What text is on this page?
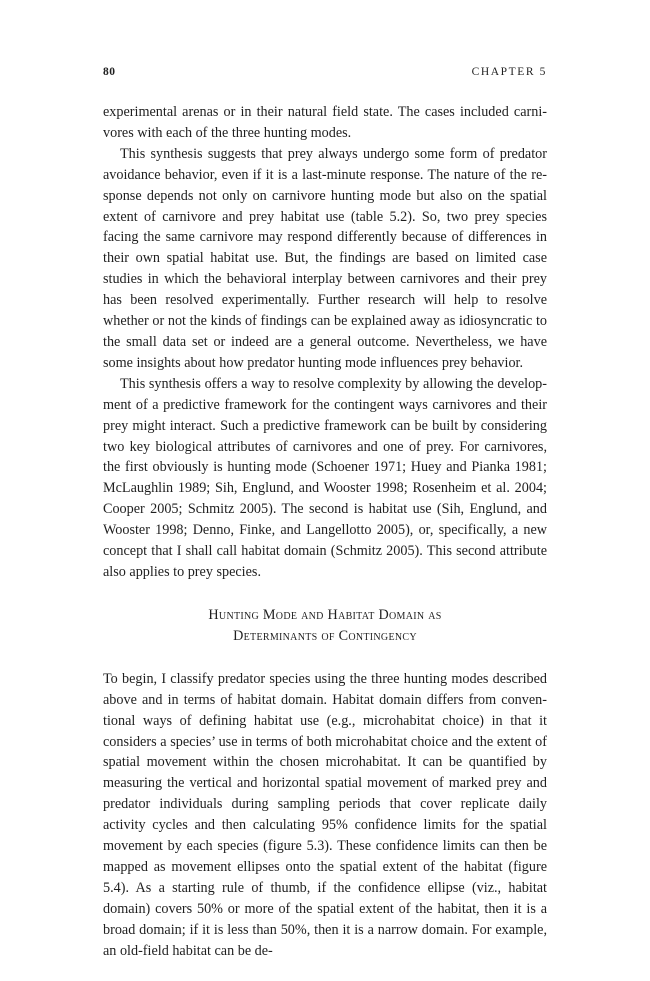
80	CHAPTER 5

experimental arenas or in their natural field state. The cases included carnivores with each of the three hunting modes.

This synthesis suggests that prey always undergo some form of predator avoidance behavior, even if it is a last-minute response. The nature of the response depends not only on carnivore hunting mode but also on the spatial extent of carnivore and prey habitat use (table 5.2). So, two prey species facing the same carnivore may respond differently because of differences in their own spatial habitat use. But, the findings are based on limited case studies in which the behavioral interplay between carnivores and their prey has been resolved experimentally. Further research will help to resolve whether or not the kinds of findings can be explained away as idiosyncratic to the small data set or indeed are a general outcome. Nevertheless, we have some insights about how predator hunting mode influences prey behavior.

This synthesis offers a way to resolve complexity by allowing the development of a predictive framework for the contingent ways carnivores and their prey might interact. Such a predictive framework can be built by considering two key biological attributes of carnivores and one of prey. For carnivores, the first obviously is hunting mode (Schoener 1971; Huey and Pianka 1981; McLaughlin 1989; Sih, Englund, and Wooster 1998; Rosenheim et al. 2004; Cooper 2005; Schmitz 2005). The second is habitat use (Sih, Englund, and Wooster 1998; Denno, Finke, and Langellotto 2005), or, specifically, a new concept that I shall call habitat domain (Schmitz 2005). This second attribute also applies to prey species.

Hunting Mode and Habitat Domain as
Determinants of Contingency

To begin, I classify predator species using the three hunting modes described above and in terms of habitat domain. Habitat domain differs from conventional ways of defining habitat use (e.g., microhabitat choice) in that it considers a species’ use in terms of both microhabitat choice and the extent of spatial movement within the chosen microhabitat. It can be quantified by measuring the vertical and horizontal spatial movement of marked prey and predator individuals during sampling periods that cover replicate daily activity cycles and then calculating 95% confidence limits for the spatial movement by each species (figure 5.3). These confidence limits can then be mapped as movement ellipses onto the spatial extent of the habitat (figure 5.4). As a starting rule of thumb, if the confidence ellipse (viz., habitat domain) covers 50% or more of the spatial extent of the habitat, then it is a broad domain; if it is less than 50%, then it is a narrow domain. For example, an old-field habitat can be de-
